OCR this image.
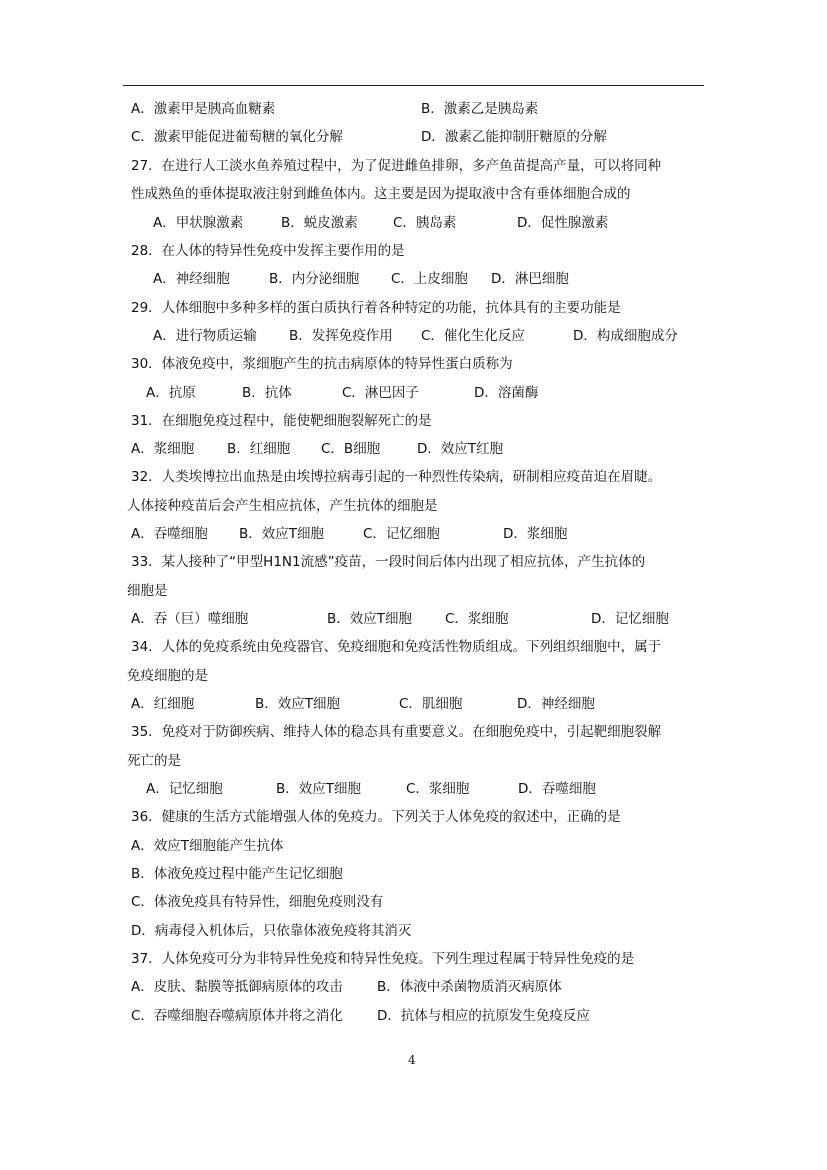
A．激素甲是胰高血糖素	B．激素乙是胰岛素
C．激素甲能促进葡萄糖的氧化分解	D．激素乙能抑制肝糖原的分解
27．在进行人工淡水鱼养殖过程中，为了促进雌鱼排卵，多产鱼苗提高产量，可以将同种
性成熟鱼的垂体提取液注射到雌鱼体内。这主要是因为提取液中含有垂体细胞合成的
A．甲状腺激素	B．蜕皮激素	C．胰岛素	D．促性腺激素
28．在人体的特异性免疫中发挥主要作用的是
A．神经细胞	B．内分泌细胞 C．上皮细胞 D．淋巴细胞
29．人体细胞中多种多样的蛋白质执行着各种特定的功能，抗体具有的主要功能是
A．进行物质运输 B．发挥免疫作用 C．催化生化反应	D．构成细胞成分
30．体液免疫中，浆细胞产生的抗击病原体的特异性蛋白质称为
A．抗原	B．抗体	C．淋巴因子	D．溶菌酶
31．在细胞免疫过程中，能使靶细胞裂解死亡的是
A．浆细胞 B．红细胞 C．B细胞	D．效应T红胞
32．人类埃博拉出血热是由埃博拉病毒引起的一种烈性传染病，研制相应疫苗迫在眉睫。
人体接种疫苗后会产生相应抗体，产生抗体的细胞是
A．吞噬细胞 B．效应T细胞	C．记忆细胞	D．浆细胞
33．某人接种了“甲型H1N1流感”疫苗，一段时间后体内出现了相应抗体，产生抗体的
细胞是
A．吞（巨）噬细胞	B．效应T细胞 C．浆细胞	D．记忆细胞
34．人体的免疫系统由免疫器官、免疫细胞和免疫活性物质组成。下列组织细胞中，属于
免疫细胞的是
A．红细胞	B．效应T细胞	C．肌细胞	D．神经细胞
35．免疫对于防御疾病、维持人体的稳态具有重要意义。在细胞免疫中，引起靶细胞裂解
死亡的是
A．记忆细胞	B．效应T细胞	C．浆细胞	D．吞噬细胞
36．健康的生活方式能增强人体的免疫力。下列关于人体免疫的叙述中，正确的是
A．效应T细胞能产生抗体
B．体液免疫过程中能产生记忆细胞
C．体液免疫具有特异性，细胞免疫则没有
D．病毒侵入机体后，只依靠体液免疫将其消灭
37．人体免疫可分为非特异性免疫和特异性免疫。下列生理过程属于特异性免疫的是
A．皮肤、黏膜等抵御病原体的攻击	B．体液中杀菌物质消灭病原体
C．吞噬细胞吞噬病原体并将之消化	D．抗体与相应的抗原发生免疫反应
4
